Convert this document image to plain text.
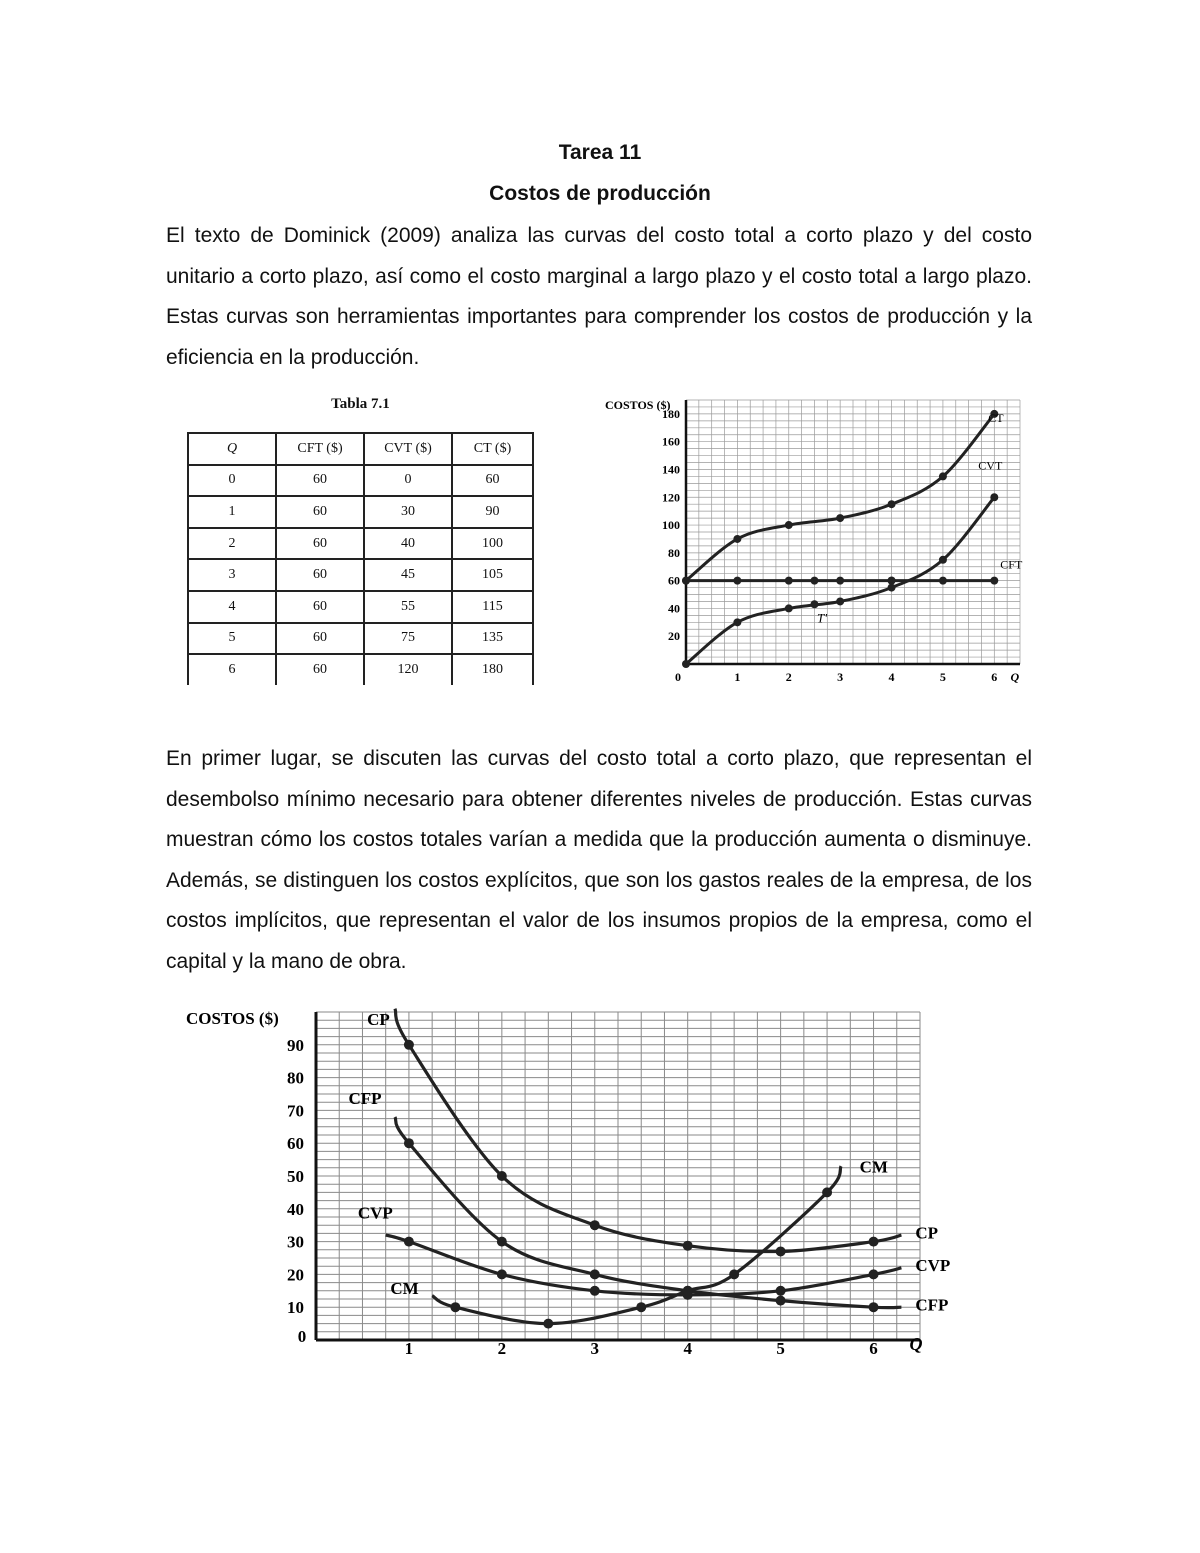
Tarea 11
Costos de producción

El texto de Dominick (2009) analiza las curvas del costo total a corto plazo y del costo unitario a corto plazo, así como el costo marginal a largo plazo y el costo total a largo plazo. Estas curvas son herramientas importantes para comprender los costos de producción y la eficiencia en la producción.

Tabla 7.1
Q	CFT ($)	CVT ($)	CT ($)
0	60	0	60
1	60	30	90
2	60	40	100
3	60	45	105
4	60	55	115
5	60	75	135
6	60	120	180
COSTOS ($)
20
40
60
80
100
120
140
160
180
0	1	2	3	4	5	6 Q
CT
CVT
CFT
T'

En primer lugar, se discuten las curvas del costo total a corto plazo, que representan el desembolso mínimo necesario para obtener diferentes niveles de producción. Estas curvas muestran cómo los costos totales varían a medida que la producción aumenta o disminuye. Además, se distinguen los costos explícitos, que son los gastos reales de la empresa, de los costos implícitos, que representan el valor de los insumos propios de la empresa, como el capital y la mano de obra.

COSTOS ($)
10
20
30
40
50
60
70
80
90
0
1	2	3	4	5	6 Q
CP
CP
CFP
CFP
CVP
CVP
CM
CM
